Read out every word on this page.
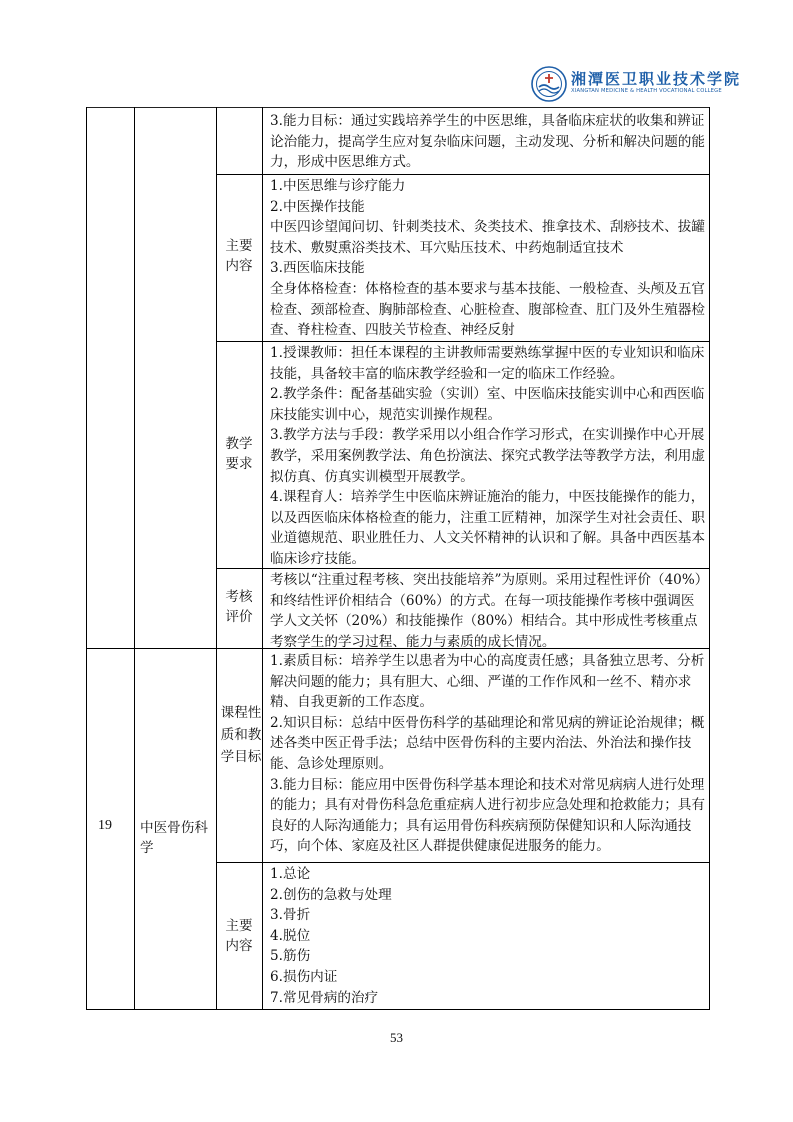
湘潭医卫职业技术学院
XIANGTAN MEDICINE & HEALTH VOCATIONAL COLLEGE

3.能力目标：通过实践培养学生的中医思维，具备临床症状的收集和辨证论治能力，提高学生应对复杂临床问题，主动发现、分析和解决问题的能力，形成中医思维方式。

主要内容

1.中医思维与诊疗能力

2.中医操作技能

中医四诊望闻问切、针刺类技术、灸类技术、推拿技术、刮痧技术、拔罐技术、敷熨熏浴类技术、耳穴贴压技术、中药炮制适宜技术

3.西医临床技能

全身体格检查：体格检查的基本要求与基本技能、一般检查、头颅及五官检查、颈部检查、胸肺部检查、心脏检查、腹部检查、肛门及外生殖器检查、脊柱检查、四肢关节检查、神经反射

教学要求

1.授课教师：担任本课程的主讲教师需要熟练掌握中医的专业知识和临床技能，具备较丰富的临床教学经验和一定的临床工作经验。

2.教学条件：配备基础实验（实训）室、中医临床技能实训中心和西医临床技能实训中心，规范实训操作规程。

3.教学方法与手段：教学采用以小组合作学习形式，在实训操作中心开展教学，采用案例教学法、角色扮演法、探究式教学法等教学方法，利用虚拟仿真、仿真实训模型开展教学。

4.课程育人：培养学生中医临床辨证施治的能力，中医技能操作的能力，以及西医临床体格检查的能力，注重工匠精神，加深学生对社会责任、职业道德规范、职业胜任力、人文关怀精神的认识和了解。具备中西医基本临床诊疗技能。

考核评价

考核以“注重过程考核、突出技能培养”为原则。采用过程性评价（40%）和终结性评价相结合（60%）的方式。在每一项技能操作考核中强调医学人文关怀（20%）和技能操作（80%）相结合。其中形成性考核重点考察学生的学习过程、能力与素质的成长情况。

19 中医骨伤科学
课程性质和教学目标

1.素质目标：培养学生以患者为中心的高度责任感；具备独立思考、分析解决问题的能力；具有胆大、心细、严谨的工作作风和一丝不、精亦求精、自我更新的工作态度。

2.知识目标：总结中医骨伤科学的基础理论和常见病的辨证论治规律；概述各类中医正骨手法；总结中医骨伤科的主要内治法、外治法和操作技能、急诊处理原则。

3.能力目标：能应用中医骨伤科学基本理论和技术对常见病病人进行处理的能力；具有对骨伤科急危重症病人进行初步应急处理和抢救能力；具有良好的人际沟通能力；具有运用骨伤科疾病预防保健知识和人际沟通技巧，向个体、家庭及社区人群提供健康促进服务的能力。

主要内容

1.总论

2.创伤的急救与处理

3.骨折

4.脱位

5.筋伤

6.损伤内证

7.常见骨病的治疗

53
